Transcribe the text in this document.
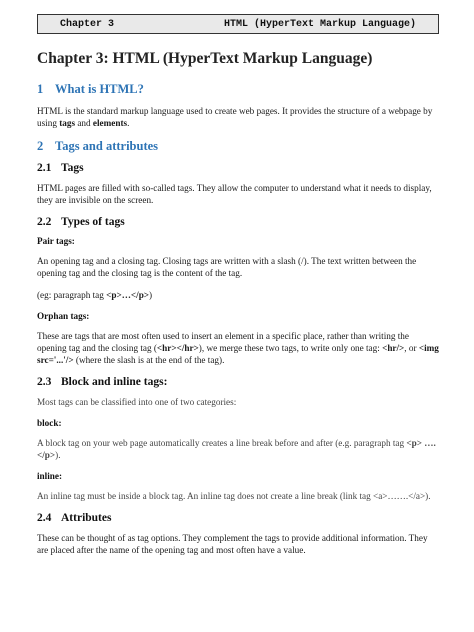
Chapter 3	HTML (HyperText Markup Language)
Chapter 3: HTML (HyperText Markup Language)
1 What is HTML?

HTML is the standard markup language used to create web pages. It provides the structure of a webpage by using tags and elements.

2 Tags and attributes
2.1 Tags

HTML pages are filled with so-called tags. They allow the computer to understand what it needs to display, they are invisible on the screen.

2.2 Types of tags
Pair tags:

An opening tag and a closing tag. Closing tags are written with a slash (/). The text written between the opening tag and the closing tag is the content of the tag.

(eg: paragraph tag <p>…</p>)

Orphan tags:

These are tags that are most often used to insert an element in a specific place, rather than writing the opening tag and the closing tag (<hr></hr>), we merge these two tags, to write only one tag: <hr/>, or <img src='...'/> (where the slash is at the end of the tag).

2.3 Block and inline tags:

Most tags can be classified into one of two categories:

block:

A block tag on your web page automatically creates a line break before and after (e.g. paragraph tag <p> ….</p>).

inline:

An inline tag must be inside a block tag. An inline tag does not create a line break (link tag <a>…….</a>).

2.4 Attributes

These can be thought of as tag options. They complement the tags to provide additional information. They are placed after the name of the opening tag and most often have a value.
